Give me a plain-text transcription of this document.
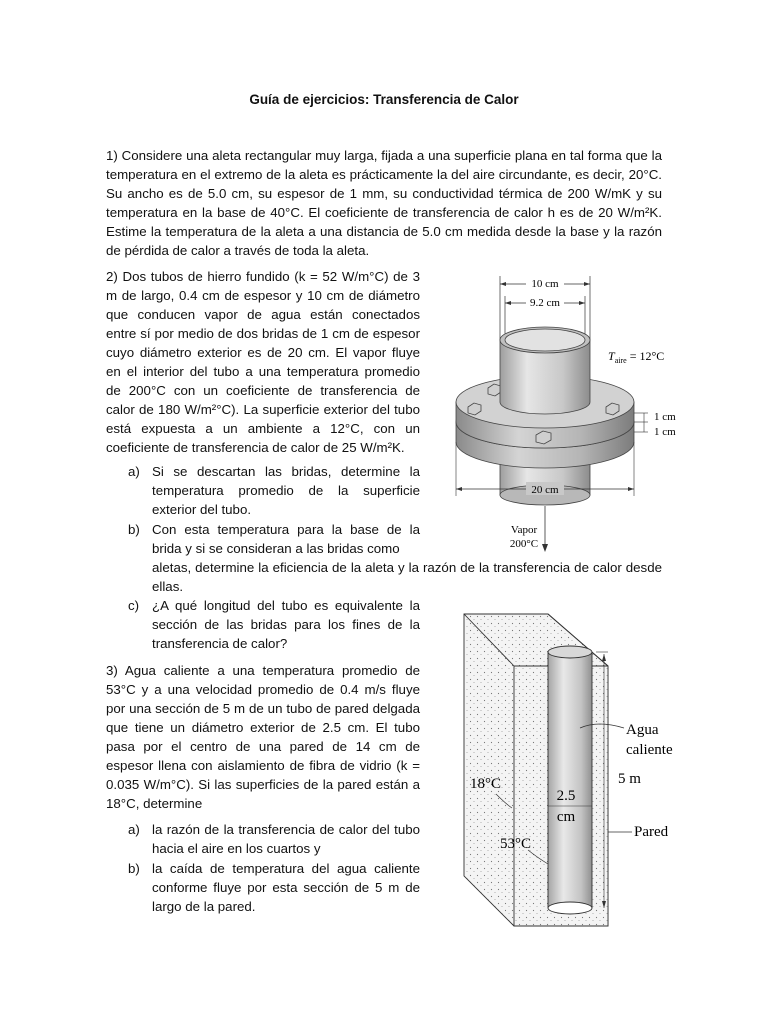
Guía de ejercicios: Transferencia de Calor

1) Considere una aleta rectangular muy larga, fijada a una superficie plana en tal forma que la temperatura en el extremo de la aleta es prácticamente la del aire circundante, es decir, 20°C. Su ancho es de 5.0 cm, su espesor de 1 mm, su conductividad térmica de 200 W/mK y su temperatura en la base de 40°C. El coeficiente de transferencia de calor h es de 20 W/m²K. Estime la temperatura de la aleta a una distancia de 5.0 cm medida desde la base y la razón de pérdida de calor a través de toda la aleta.

2) Dos tubos de hierro fundido (k = 52 W/m°C) de 3 m de largo, 0.4 cm de espesor y 10 cm de diámetro que conducen vapor de agua están conectados entre sí por medio de dos bridas de 1 cm de espesor cuyo diámetro exterior es de 20 cm. El vapor fluye en el interior del tubo a una temperatura promedio de 200°C con un coeficiente de transferencia de calor de 180 W/m²°C). La superficie exterior del tubo está expuesta a un ambiente a 12°C, con un coeficiente de transferencia de calor de 25 W/m²K.

a) Si se descartan las bridas, determine la temperatura promedio de la superficie exterior del tubo.
b) Con esta temperatura para la base de la brida y si se consideran a las bridas como
aletas, determine la eficiencia de la aleta y la razón de la transferencia de calor desde ellas.
c) ¿A qué longitud del tubo es equivalente la sección de las bridas para los fines de la transferencia de calor?

3) Agua caliente a una temperatura promedio de 53°C y a una velocidad promedio de 0.4 m/s fluye por una sección de 5 m de un tubo de pared delgada que tiene un diámetro exterior de 2.5 cm. El tubo pasa por el centro de una pared de 14 cm de espesor llena con aislamiento de fibra de vidrio (k = 0.035 W/m°C). Si las superficies de la pared están a 18°C, determine

a) la razón de la transferencia de calor del tubo hacia el aire en los cuartos y
b) la caída de temperatura del agua caliente conforme fluye por esta sección de 5 m de largo de la pared.
10 cm
9.2 cm
$T_{aire} = 12^\circ C$
1 cm
1 cm
20 cm
Vapor
200°C
5 m
Agua
caliente
18°C
2.5
cm
53°C
Pared
